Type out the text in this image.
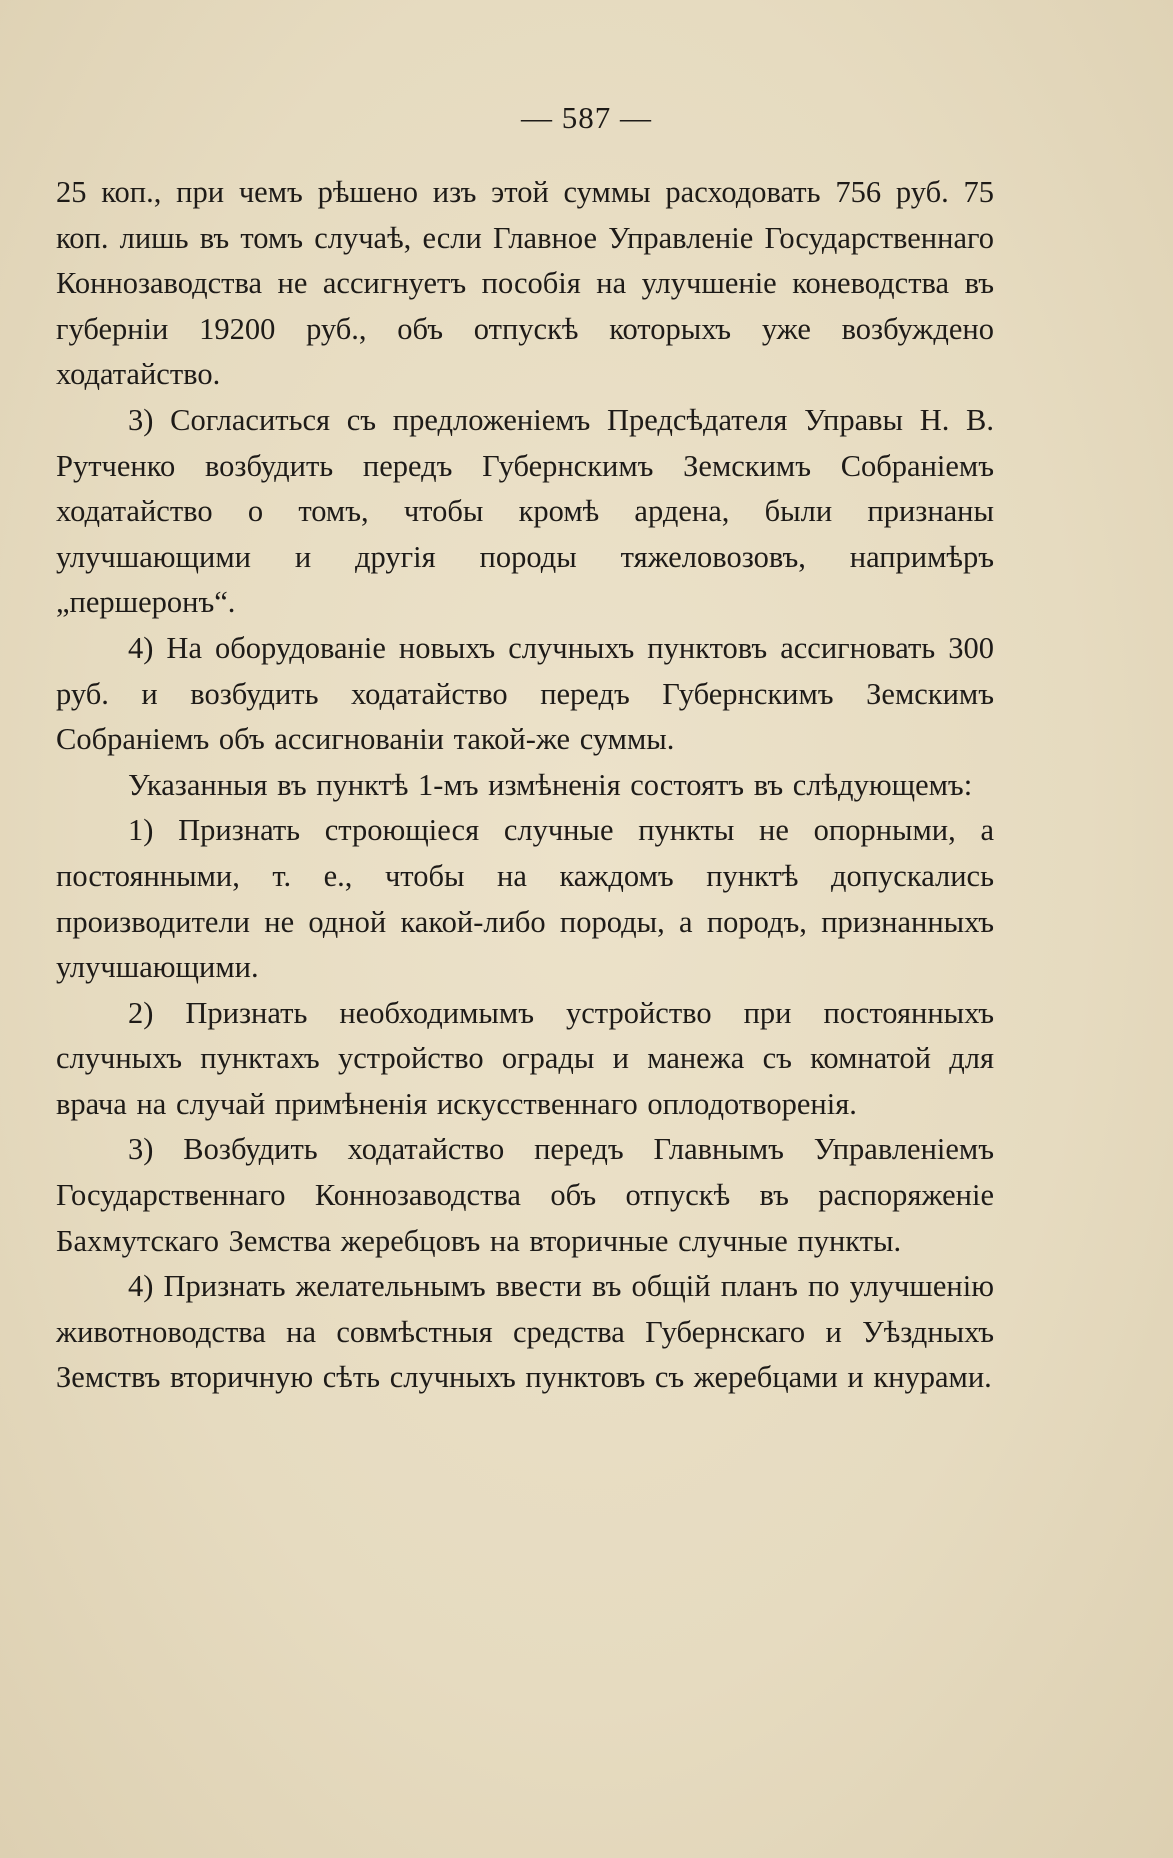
— 587 —

25 коп., при чемъ рѣшено изъ этой суммы расходовать 756 руб. 75 коп. лишь въ томъ случаѣ, если Главное Управленіе Государственнаго Коннозаводства не ассигнуетъ пособія на улучшеніе коневодства въ губерніи 19200 руб., объ отпускѣ которыхъ уже возбуждено ходатайство.

3) Согласиться съ предложеніемъ Предсѣдателя Управы Н. В. Рутченко возбудить передъ Губернскимъ Земскимъ Собраніемъ ходатайство о томъ, чтобы кромѣ ардена, были признаны улучшающими и другія породы тяжеловозовъ, напримѣръ „першеронъ“.

4) На оборудованіе новыхъ случныхъ пунктовъ ассигновать 300 руб. и возбудить ходатайство передъ Губернскимъ Земскимъ Собраніемъ объ ассигнованіи такой-же суммы.

Указанныя въ пунктѣ 1-мъ измѣненія состоятъ въ слѣдующемъ:

1) Признать строющіеся случные пункты не опорными, а постоянными, т. е., чтобы на каждомъ пунктѣ допускались производители не одной какой-либо породы, а породъ, признанныхъ улучшающими.

2) Признать необходимымъ устройство при постоянныхъ случныхъ пунктахъ устройство ограды и манежа съ комнатой для врача на случай примѣненія искусственнаго оплодотворенія.

3) Возбудить ходатайство передъ Главнымъ Управленіемъ Государственнаго Коннозаводства объ отпускѣ въ распоряженіе Бахмутскаго Земства жеребцовъ на вторичные случные пункты.

4) Признать желательнымъ ввести въ общій планъ по улучшенію животноводства на совмѣстныя средства Губернскаго и Уѣздныхъ Земствъ вторичную сѣть случныхъ пунктовъ съ жеребцами и кнурами.
